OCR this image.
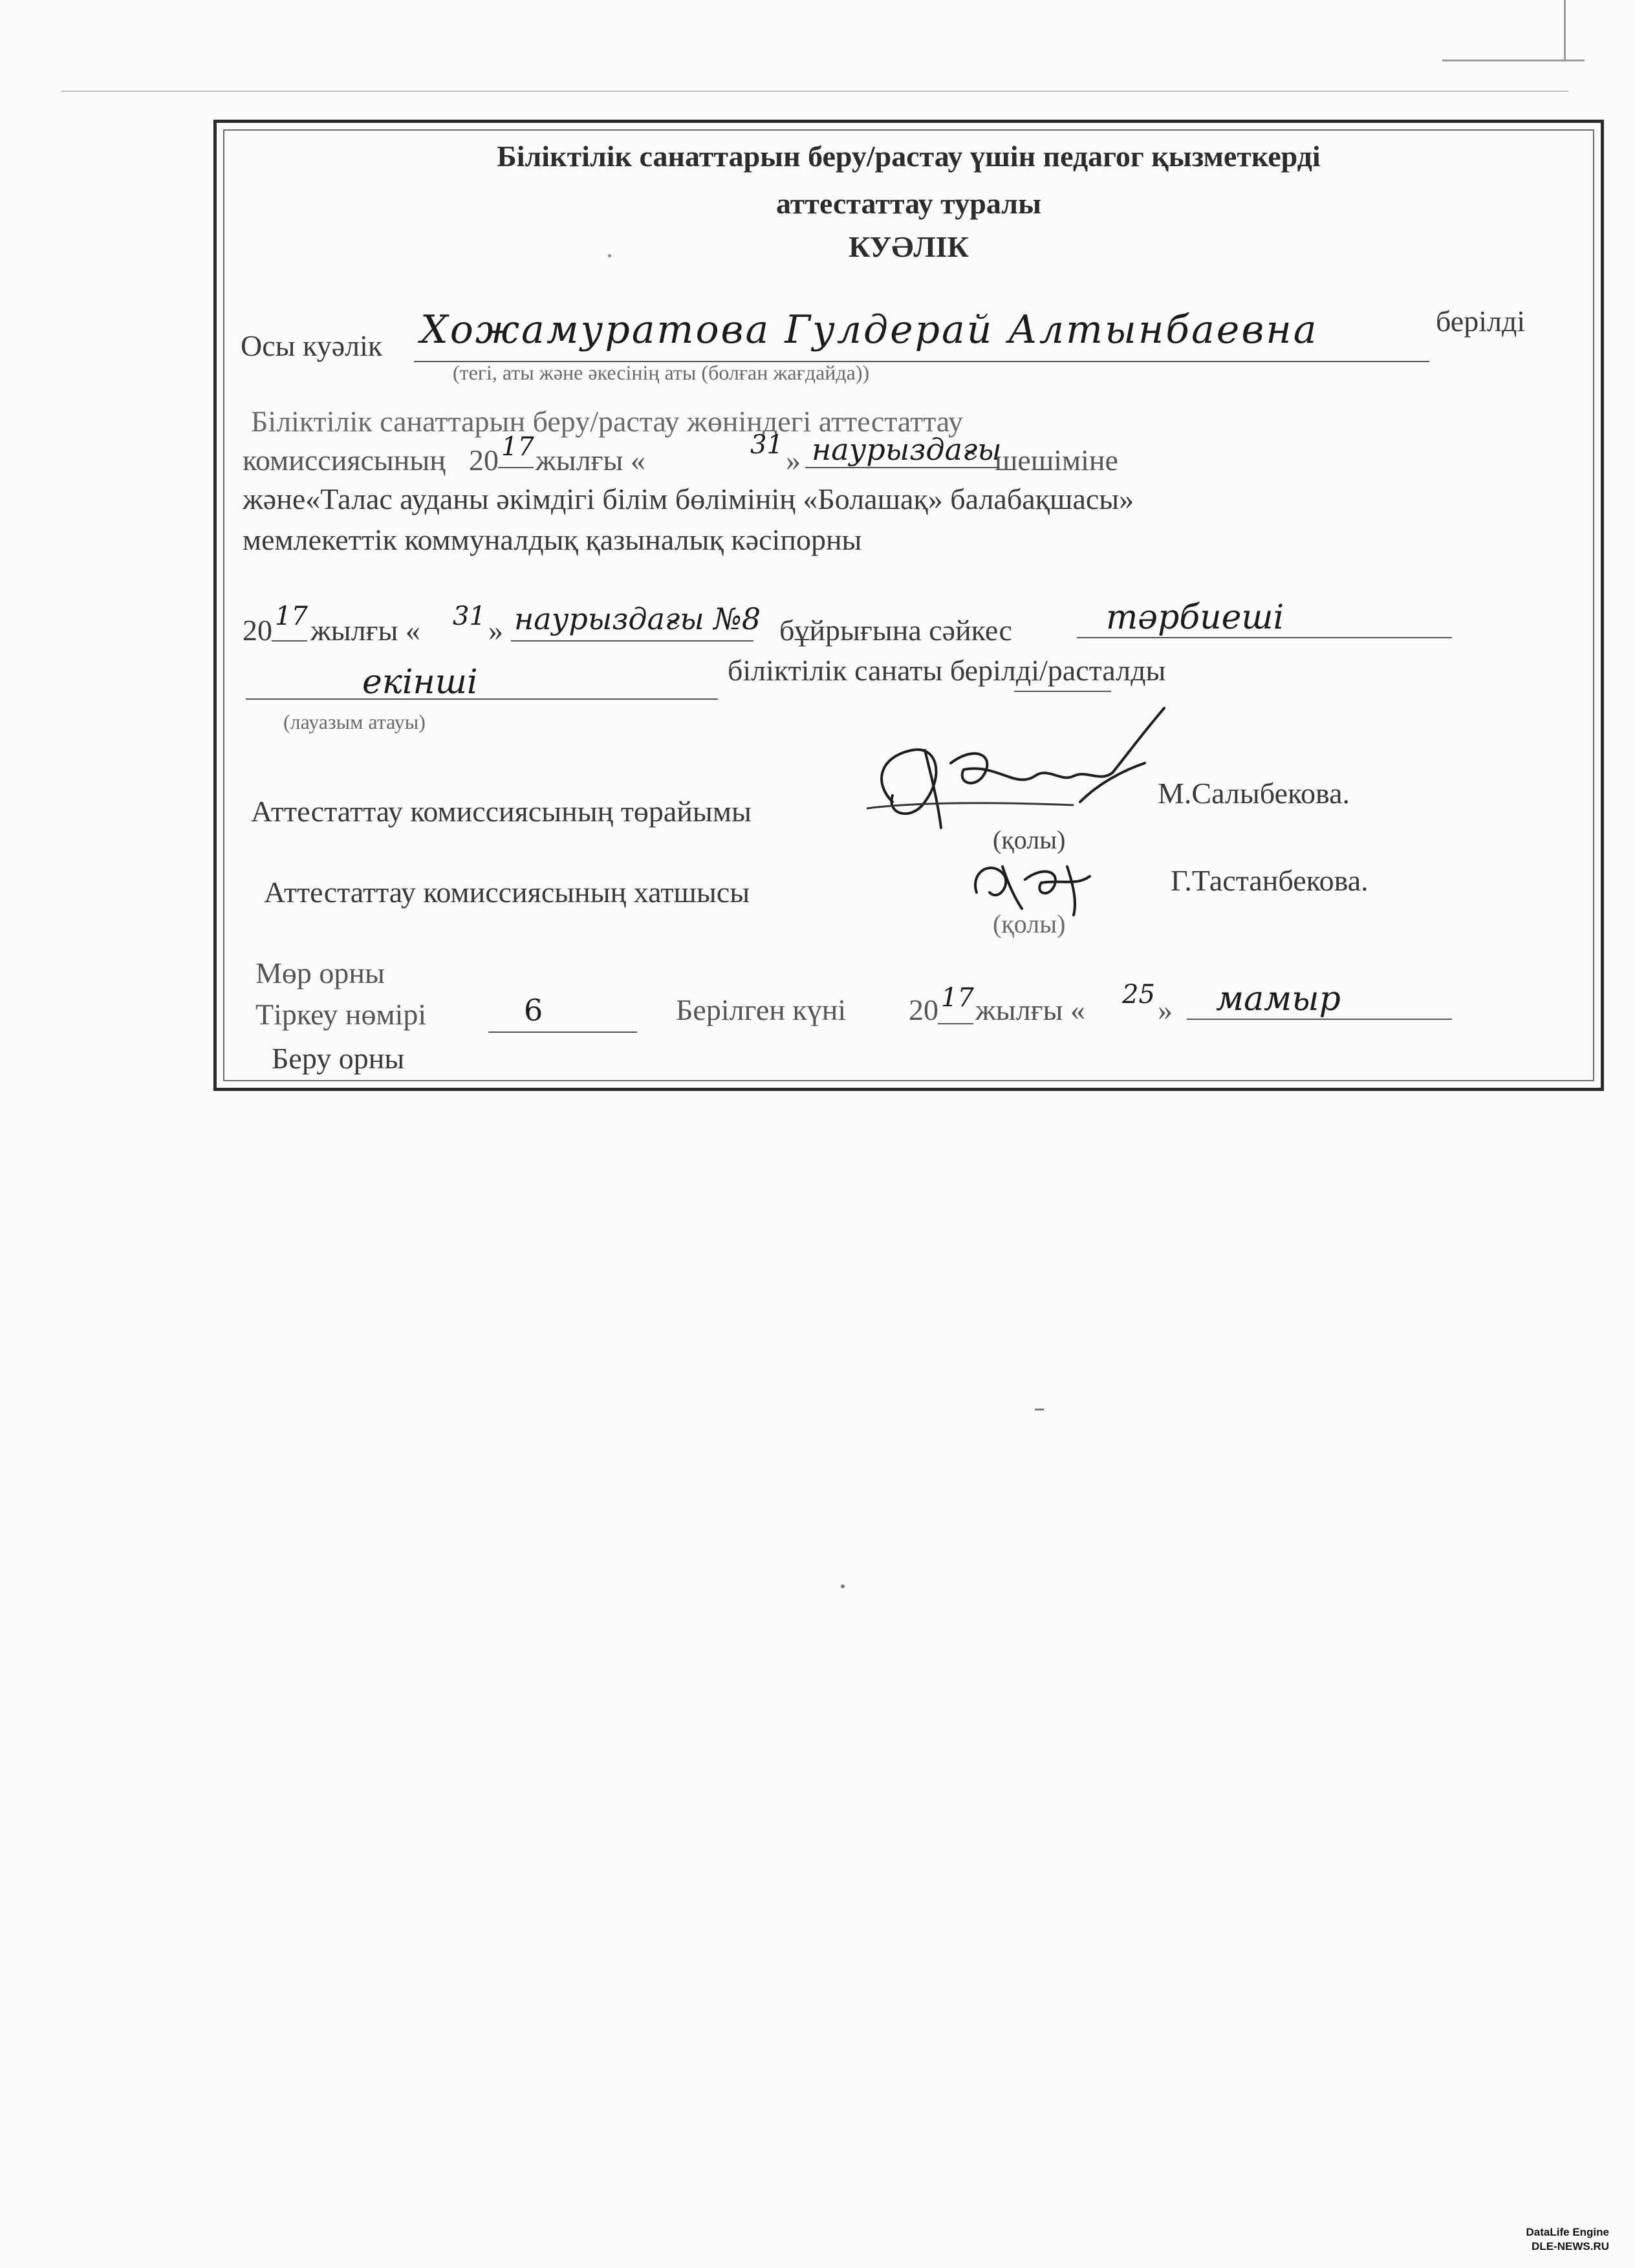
Біліктілік санаттарын беру/растау үшін педагог қызметкерді
аттестаттау туралы
КУӘЛІК
Осы куәлік Хожамуратова Гулдерай Алтынбаевна	берілді
(тегі, аты және әкесінің аты (болған жағдайда))
Біліктілік санаттарын беру/растау жөніндегі аттестаттау
комиссиясының 20 17 жылғы «	31 » наурыздағы
шешіміне
және«Талас ауданы әкімдігі білім бөлімінің «Болашақ» балабақшасы»
мемлекеттік коммуналдық қазыналық кәсіпорны
20 17 жылғы « 31 » наурыздағы №8 бұйрығына сәйкес	тәрбиеші
екінші	біліктілік санаты берілді/расталды
(лауазым атауы)
Аттестаттау комиссиясының төрайымы
М.Салыбекова.
(қолы)
Аттестаттау комиссиясының хатшысы	Г.Тастанбекова.
(қолы)
Мөр орны
Тіркеу нөмірі	6	Берілген күні 20 17 жылғы « 25 » мамыр
Беру орны
DataLife Engine
DLE-NEWS.RU
